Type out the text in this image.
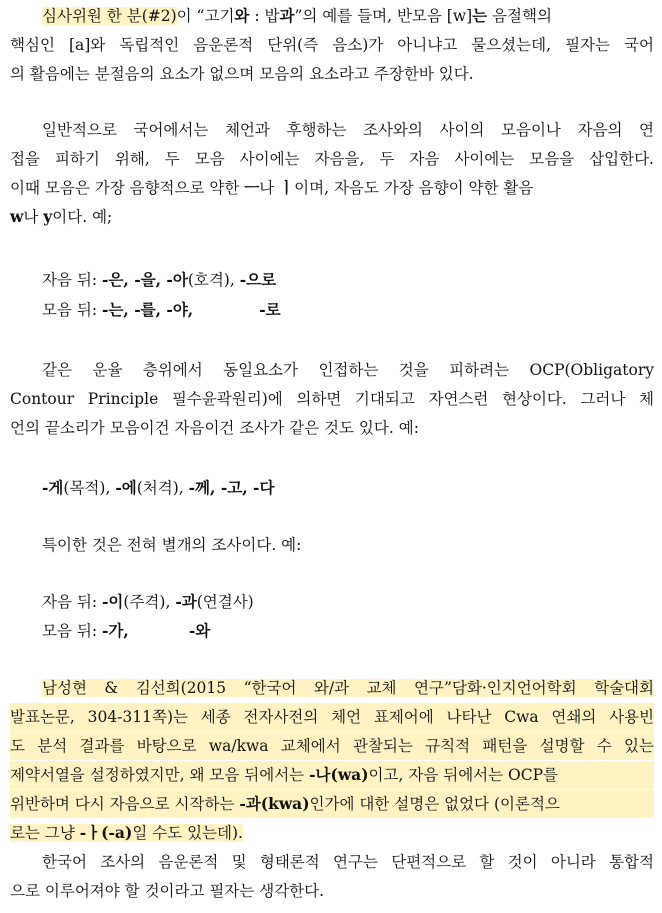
심사위원 한 분(#2)이 “고기와 : 밥과”의 예를 들며, 반모음 [w]는 음절핵의
핵심인 [a]와 독립적인 음운론적 단위(즉 음소)가 아니냐고 물으셨는데, 필자는 국어
의 활음에는 분절음의 요소가 없으며 모음의 요소라고 주장한바 있다.
일반적으로 국어에서는 체언과 후행하는 조사와의 사이의 모음이나 자음의 연
접을 피하기 위해, 두 모음 사이에는 자음을, 두 자음 사이에는 모음을 삽입한다.
이때 모음은 가장 음향적으로 약한 ㅡ나 ㅣ이며, 자음도 가장 음향이 약한 활음
w나 y이다. 예;
자음 뒤: -은, -을, -아(호격), -으로
모음 뒤: -는, -를, -야,	-로
같은 운율 층위에서 동일요소가 인접하는 것을 피하려는 OCP(Obligatory
Contour Principle 필수윤곽원리)에 의하면 기대되고 자연스런 현상이다. 그러나 체
언의 끝소리가 모음이건 자음이건 조사가 같은 것도 있다. 예:
-게(목적), -에(처격), -께, -고, -다
특이한 것은 전혀 별개의 조사이다. 예:
자음 뒤: -이(주격), -과(연결사)
모음 뒤: -가,	-와
남성현 & 김선희(2015 “한국어 와/과 교체 연구”담화·인지언어학회 학술대회
발표논문, 304-311쪽)는 세종 전자사전의 체언 표제어에 나타난 Cwa 연쇄의 사용빈
도 분석 결과를 바탕으로 wa/kwa 교체에서 관찰되는 규칙적 패턴을 설명할 수 있는
제약서열을 설정하였지만, 왜 모음 뒤에서는 -나(wa)이고, 자음 뒤에서는 OCP를
위반하며 다시 자음으로 시작하는 -과(kwa)인가에 대한 설명은 없었다 (이론적으
로는 그냥 -ㅏ(-a)일 수도 있는데).
한국어 조사의 음운론적 및 형태론적 연구는 단편적으로 할 것이 아니라 통합적
으로 이루어져야 할 것이라고 필자는 생각한다.
